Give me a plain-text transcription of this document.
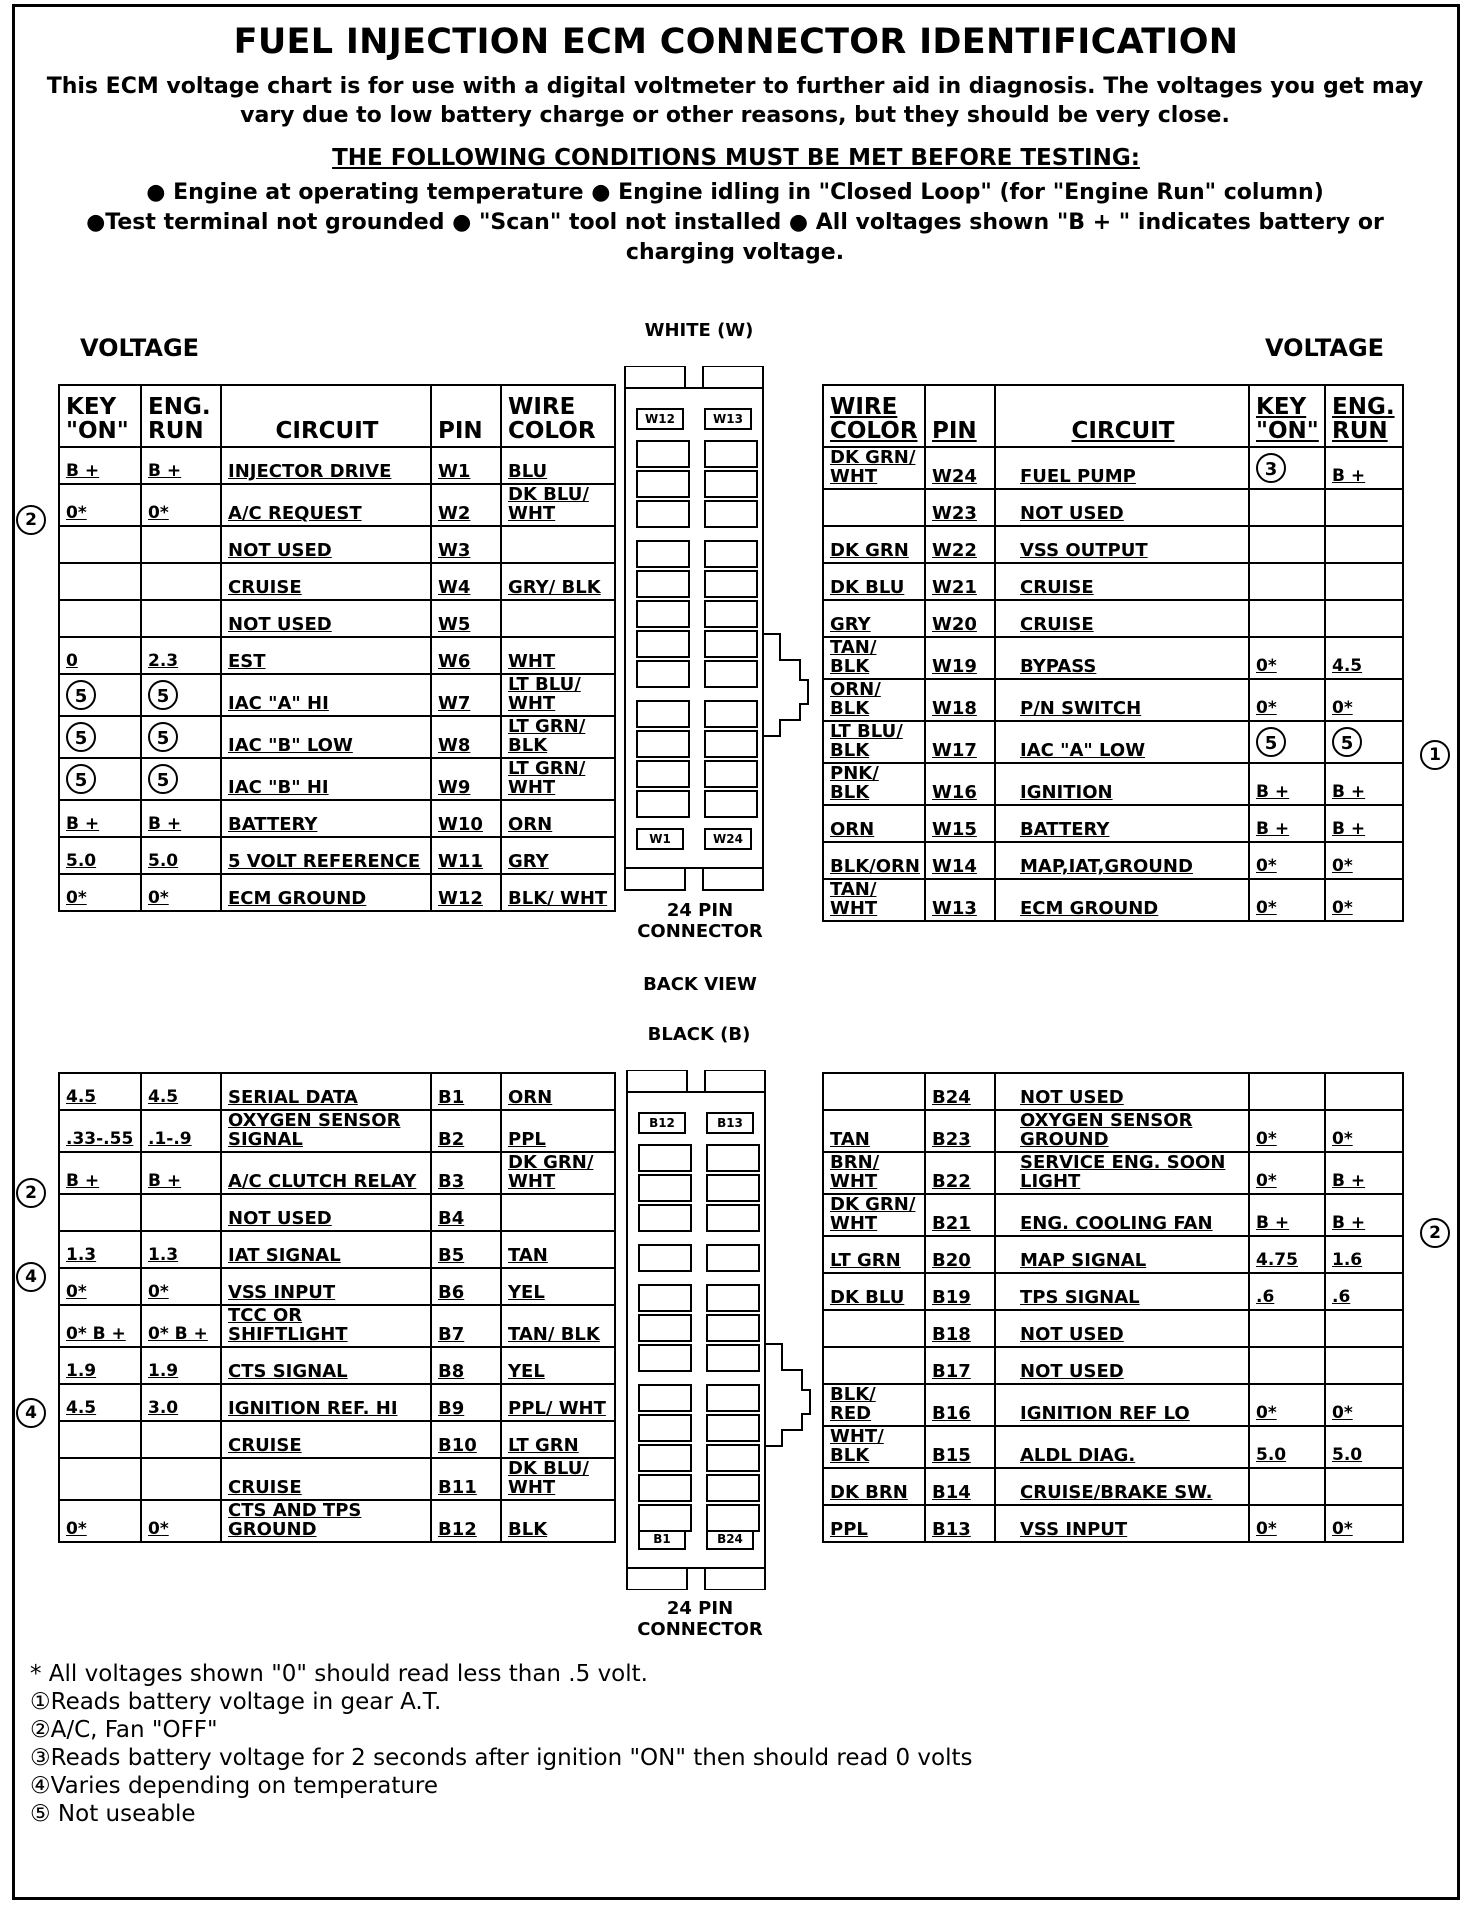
FUEL INJECTION ECM CONNECTOR IDENTIFICATION
This ECM voltage chart is for use with a digital voltmeter to further aid in diagnosis. The voltages you get may vary due to low battery charge or other reasons, but they should be very close.
THE FOLLOWING CONDITIONS MUST BE MET BEFORE TESTING:
● Engine at operating temperature ● Engine idling in "Closed Loop" (for "Engine Run" column)
●Test terminal not grounded ● "Scan" tool not installed ● All voltages shown "B + " indicates battery or charging voltage.
VOLTAGE	VOLTAGE
2
1
2
2
4
4
KEY "ON"	ENG. RUN	CIRCUIT	PIN	WIRE COLOR
B +	B +	INJECTOR DRIVE	W1	BLU
0*	0*	A/C REQUEST	W2	DK BLU/ WHT
		NOT USED	W3	
		CRUISE	W4	GRY/ BLK
		NOT USED	W5	
0	2.3	EST	W6	WHT
5	5	IAC "A" HI	W7	LT BLU/ WHT
5	5	IAC "B" LOW	W8	LT GRN/ BLK
5	5	IAC "B" HI	W9	LT GRN/ WHT
B +	B +	BATTERY	W10	ORN
5.0	5.0	5 VOLT REFERENCE	W11	GRY
0*	0*	ECM GROUND	W12	BLK/ WHT
WIRE COLOR	PIN	CIRCUIT	KEY "ON"	ENG. RUN
DK GRN/ WHT	W24	FUEL PUMP	3	B +
	W23	NOT USED		
DK GRN	W22	VSS OUTPUT		
DK BLU	W21	CRUISE		
GRY	W20	CRUISE		
TAN/ BLK	W19	BYPASS	0*	4.5
ORN/ BLK	W18	P/N SWITCH	0*	0*
LT BLU/ BLK	W17	IAC "A" LOW	5	5
PNK/ BLK	W16	IGNITION	B +	B +
ORN	W15	BATTERY	B +	B +
BLK/ORN	W14	MAP,IAT,GROUND	0*	0*
TAN/ WHT	W13	ECM GROUND	0*	0*
4.5	4.5	SERIAL DATA	B1	ORN
.33-.55	.1-.9	OXYGEN SENSOR SIGNAL	B2	PPL
B +	B +	A/C CLUTCH RELAY	B3	DK GRN/ WHT
		NOT USED	B4	
1.3	1.3	IAT SIGNAL	B5	TAN
0*	0*	VSS INPUT	B6	YEL
0* B +	0* B +	TCC OR SHIFTLIGHT	B7	TAN/ BLK
1.9	1.9	CTS SIGNAL	B8	YEL
4.5	3.0	IGNITION REF. HI	B9	PPL/ WHT
		CRUISE	B10	LT GRN
		CRUISE	B11	DK BLU/ WHT
0*	0*	CTS AND TPS GROUND	B12	BLK
	B24	NOT USED		
TAN	B23	OXYGEN SENSOR GROUND	0*	0*
BRN/ WHT	B22	SERVICE ENG. SOON LIGHT	0*	B +
DK GRN/ WHT	B21	ENG. COOLING FAN	B +	B +
LT GRN	B20	MAP SIGNAL	4.75	1.6
DK BLU	B19	TPS SIGNAL	.6	.6
	B18	NOT USED		
	B17	NOT USED		
BLK/ RED	B16	IGNITION REF LO	0*	0*
WHT/ BLK	B15	ALDL DIAG.	5.0	5.0
DK BRN	B14	CRUISE/BRAKE SW.		
PPL	B13	VSS INPUT	0*	0*
WHITE (W)
W12	W13
W1	W24
24 PIN CONNECTOR
BACK VIEW
BLACK (B)
B12	B13
B1	B24
24 PIN CONNECTOR
* All voltages shown "0" should read less than .5 volt.
①Reads battery voltage in gear A.T.
②A/C, Fan "OFF"
③Reads battery voltage for 2 seconds after ignition "ON" then should read 0 volts
④Varies depending on temperature
⑤ Not useable
